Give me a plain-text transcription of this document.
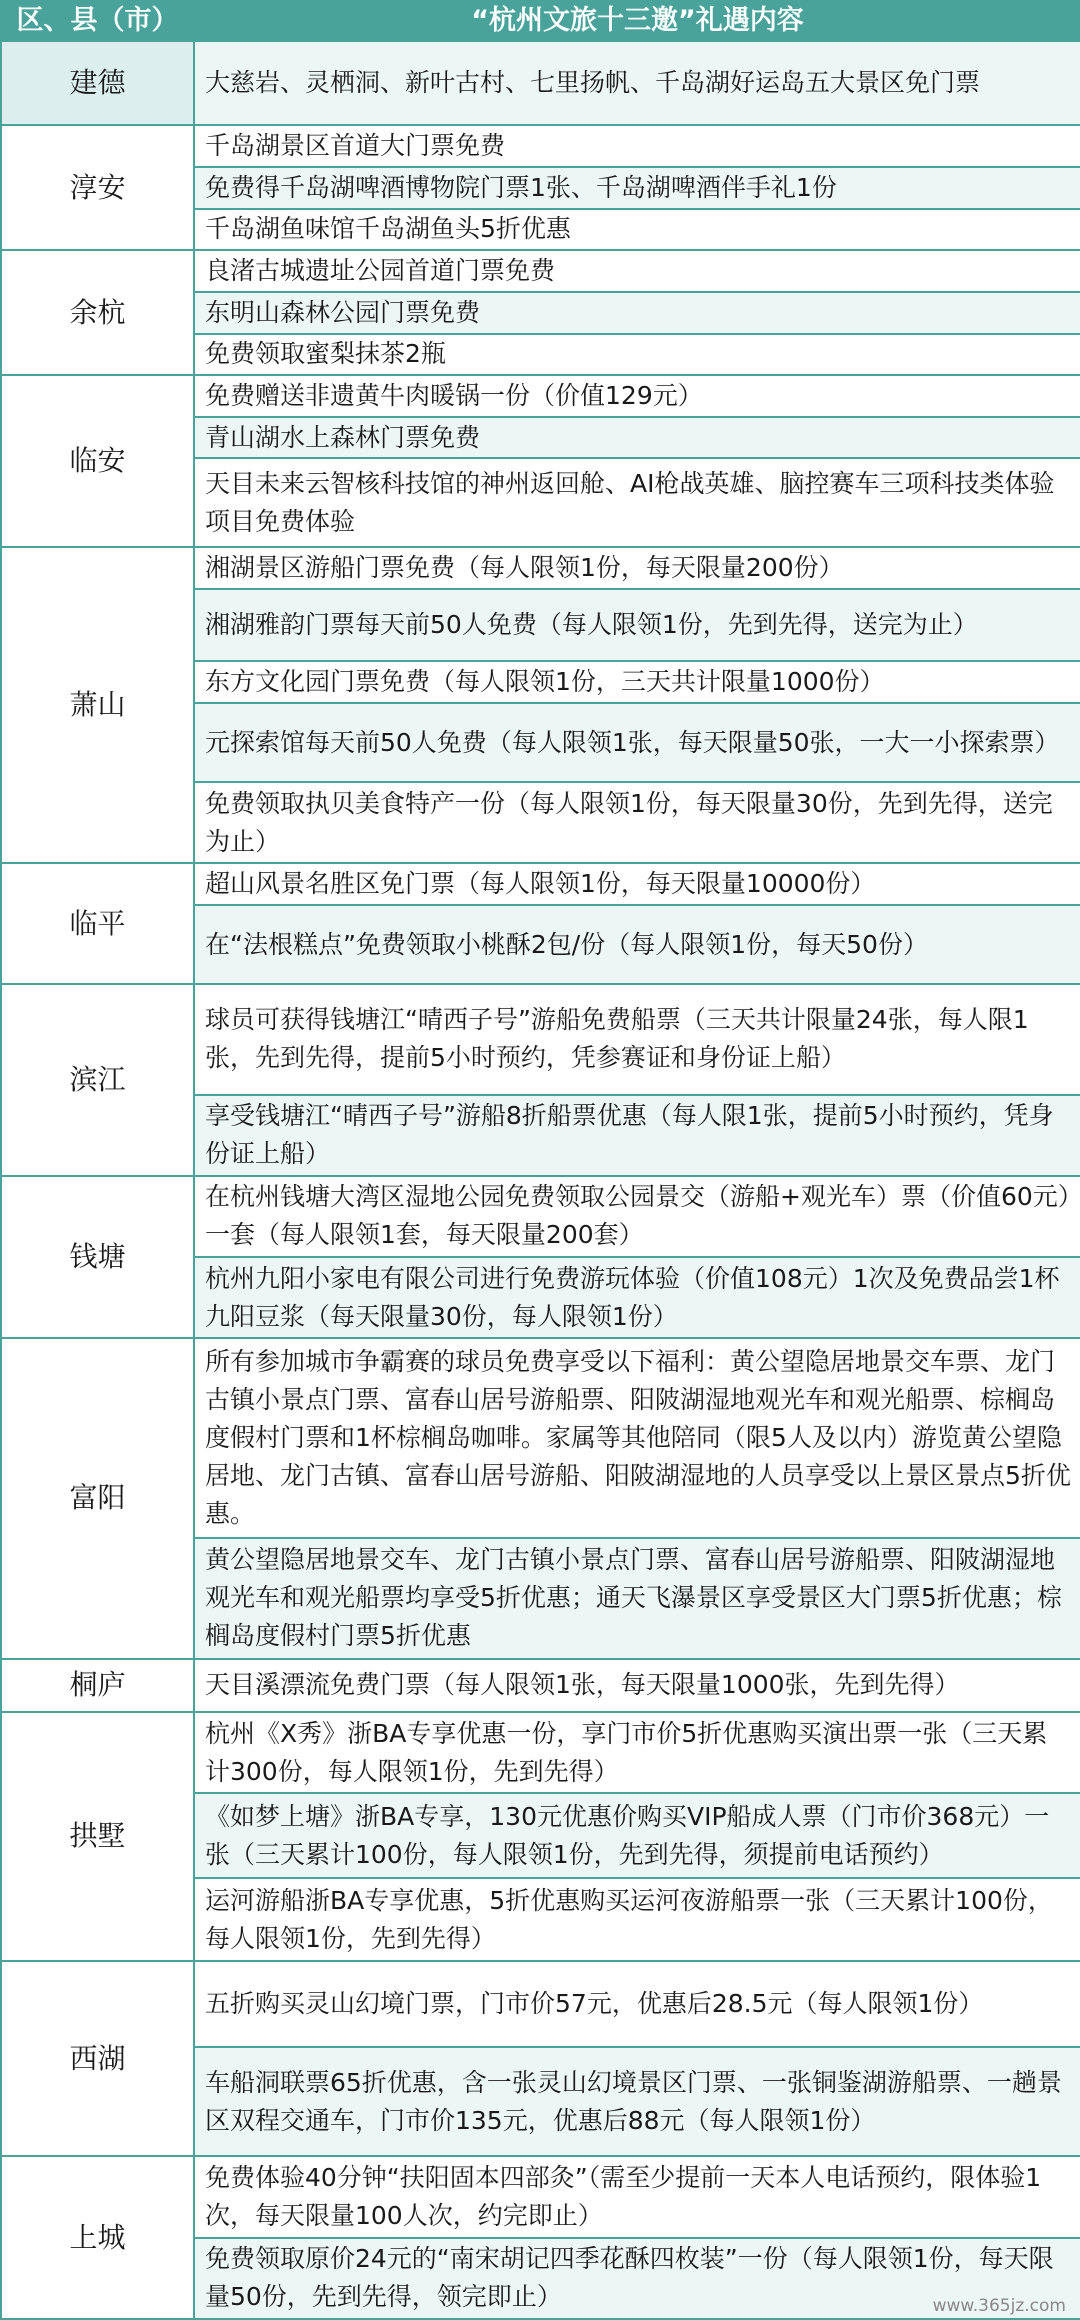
区、县（市）	“杭州文旅十三邀”礼遇内容
建德	大慈岩、灵栖洞、新叶古村、七里扬帆、千岛湖好运岛五大景区免门票
淳安	千岛湖景区首道大门票免费
	免费得千岛湖啤酒博物院门票1张、千岛湖啤酒伴手礼1份
	千岛湖鱼味馆千岛湖鱼头5折优惠
余杭	良渚古城遗址公园首道门票免费
	东明山森林公园门票免费
	免费领取蜜梨抹茶2瓶
临安	免费赠送非遗黄牛肉暖锅一份（价值129元）
	青山湖水上森林门票免费
	天目未来云智核科技馆的神州返回舱、AI枪战英雄、脑控赛车三项科技类体验项目免费体验
萧山	湘湖景区游船门票免费（每人限领1份，每天限量200份）
	湘湖雅韵门票每天前50人免费（每人限领1份，先到先得，送完为止）
	东方文化园门票免费（每人限领1份，三天共计限量1000份）
	元探索馆每天前50人免费（每人限领1张，每天限量50张，一大一小探索票）
	免费领取执贝美食特产一份（每人限领1份，每天限量30份，先到先得，送完为止）
临平	超山风景名胜区免门票（每人限领1份，每天限量10000份）
	在“法根糕点”免费领取小桃酥2包/份（每人限领1份，每天50份）
滨江	球员可获得钱塘江“晴西子号”游船免费船票（三天共计限量24张，每人限1张，先到先得，提前5小时预约，凭参赛证和身份证上船）
	享受钱塘江“晴西子号”游船8折船票优惠（每人限1张，提前5小时预约，凭身份证上船）
钱塘	在杭州钱塘大湾区湿地公园免费领取公园景交（游船+观光车）票（价值60元）一套（每人限领1套，每天限量200套）
	杭州九阳小家电有限公司进行免费游玩体验（价值108元）1次及免费品尝1杯九阳豆浆（每天限量30份，每人限领1份）
富阳	所有参加城市争霸赛的球员免费享受以下福利：黄公望隐居地景交车票、龙门古镇小景点门票、富春山居号游船票、阳陂湖湿地观光车和观光船票、棕榈岛度假村门票和1杯棕榈岛咖啡。家属等其他陪同（限5人及以内）游览黄公望隐居地、龙门古镇、富春山居号游船、阳陂湖湿地的人员享受以上景区景点5折优惠。
	黄公望隐居地景交车、龙门古镇小景点门票、富春山居号游船票、阳陂湖湿地观光车和观光船票均享受5折优惠；通天飞瀑景区享受景区大门票5折优惠；棕榈岛度假村门票5折优惠
桐庐	天目溪漂流免费门票（每人限领1张，每天限量1000张，先到先得）
拱墅	杭州《X秀》浙BA专享优惠一份，享门市价5折优惠购买演出票一张（三天累计300份，每人限领1份，先到先得）
	《如梦上塘》浙BA专享，130元优惠价购买VIP船成人票（门市价368元）一张（三天累计100份，每人限领1份，先到先得，须提前电话预约）
	运河游船浙BA专享优惠，5折优惠购买运河夜游船票一张（三天累计100份，每人限领1份，先到先得）
西湖	五折购买灵山幻境门票，门市价57元，优惠后28.5元（每人限领1份）
	车船洞联票65折优惠，含一张灵山幻境景区门票、一张铜鉴湖游船票、一趟景区双程交通车，门市价135元，优惠后88元（每人限领1份）
上城	免费体验40分钟“扶阳固本四部灸”（需至少提前一天本人电话预约，限体验1次，每天限量100人次，约完即止）
	免费领取原价24元的“南宋胡记四季花酥四枚装”一份（每人限领1份，每天限量50份，先到先得，领完即止）	www.365jz.com
